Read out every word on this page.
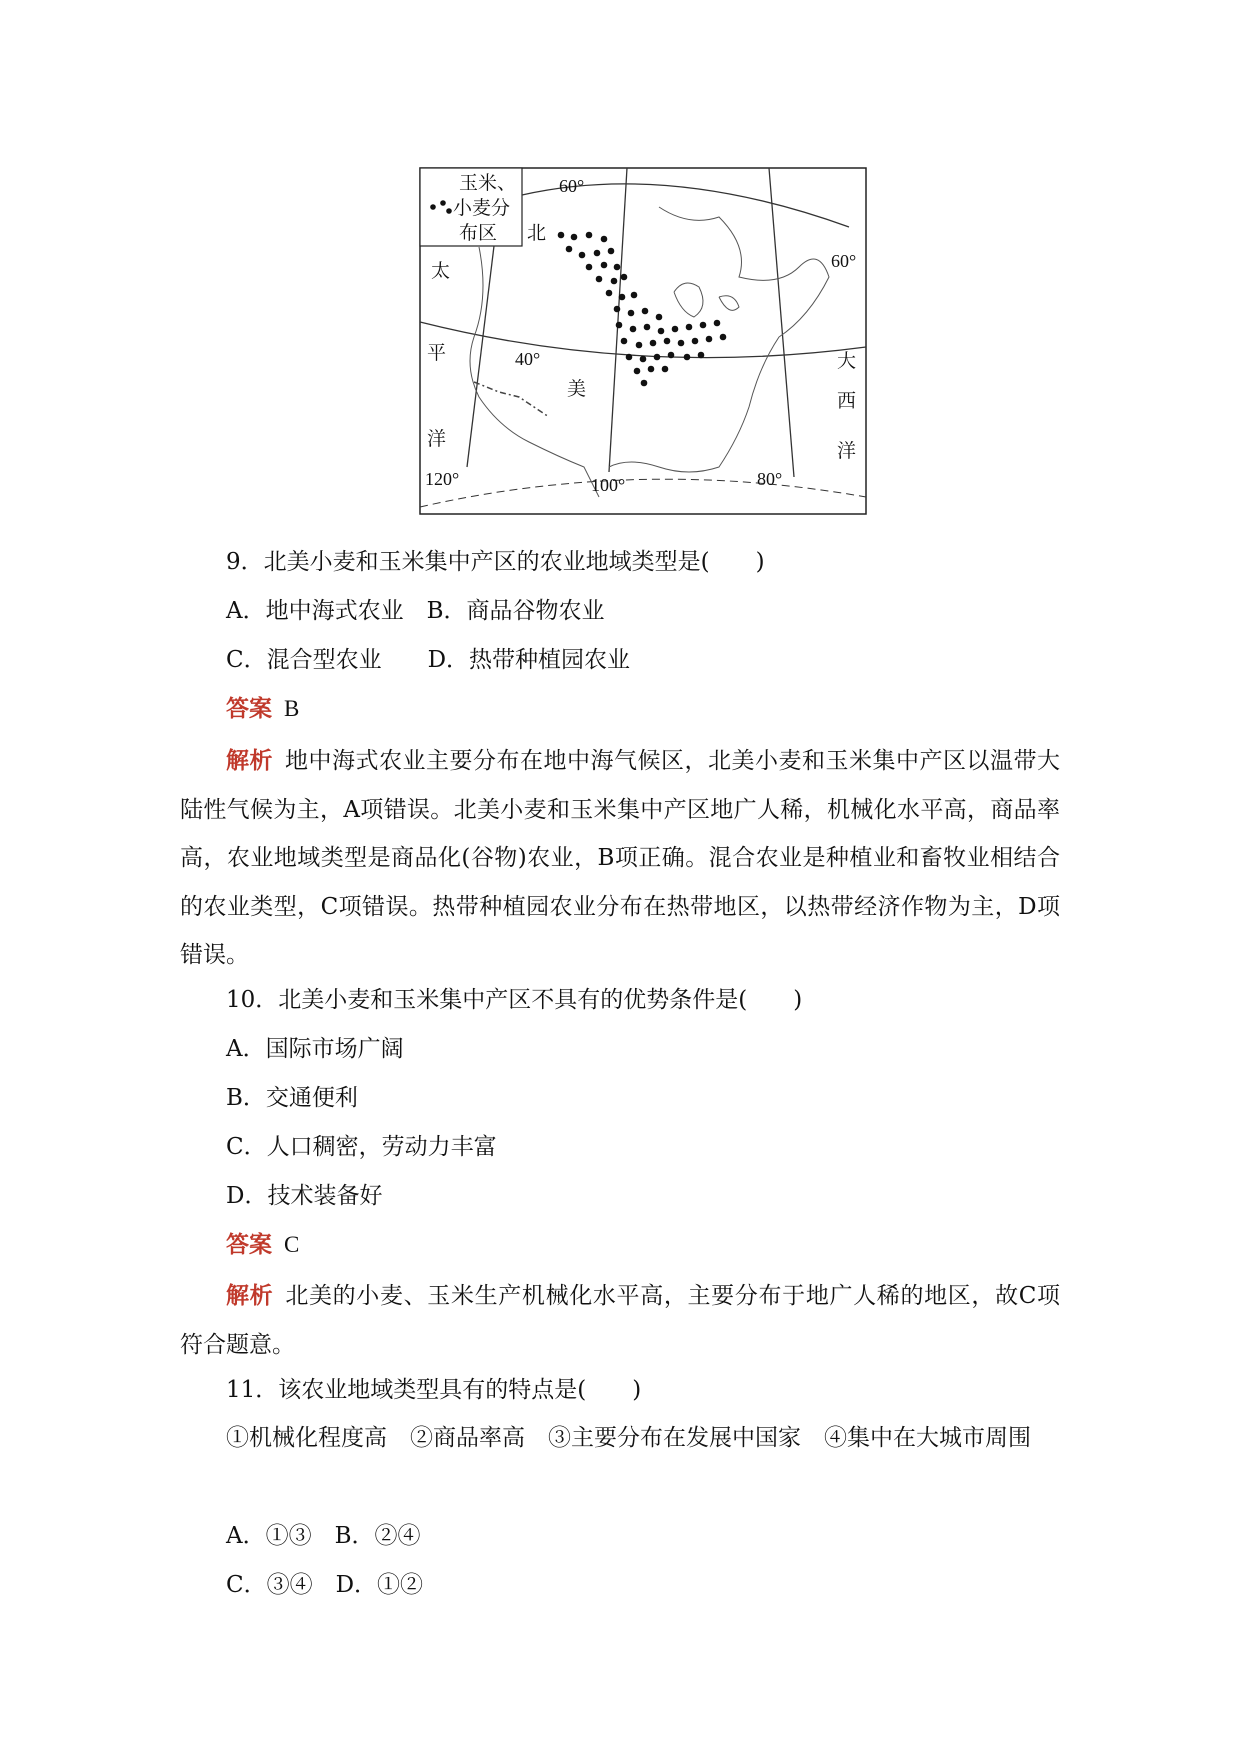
玉米、
小麦分
布区 北
太
平
洋
美
大
西
洋
60°
40°
60°
120°	100°	80°
9．北美小麦和玉米集中产区的农业地域类型是(　　)
A．地中海式农业　B．商品谷物农业
C．混合型农业　　D．热带种植园农业
答案 B
解析 地中海式农业主要分布在地中海气候区，北美小麦和玉米集中产区以温带大陆性气候为主，A项错误。北美小麦和玉米集中产区地广人稀，机械化水平高，商品率高，农业地域类型是商品化(谷物)农业，B项正确。混合农业是种植业和畜牧业相结合的农业类型，C项错误。热带种植园农业分布在热带地区，以热带经济作物为主，D项错误。
10．北美小麦和玉米集中产区不具有的优势条件是(　　)
A．国际市场广阔
B．交通便利
C．人口稠密，劳动力丰富
D．技术装备好
答案 C
解析 北美的小麦、玉米生产机械化水平高，主要分布于地广人稀的地区，故C项符合题意。
11．该农业地域类型具有的特点是(　　)
①机械化程度高　②商品率高　③主要分布在发展中国家　④集中在大城市周围
A．①③　B．②④
C．③④　D．①②
